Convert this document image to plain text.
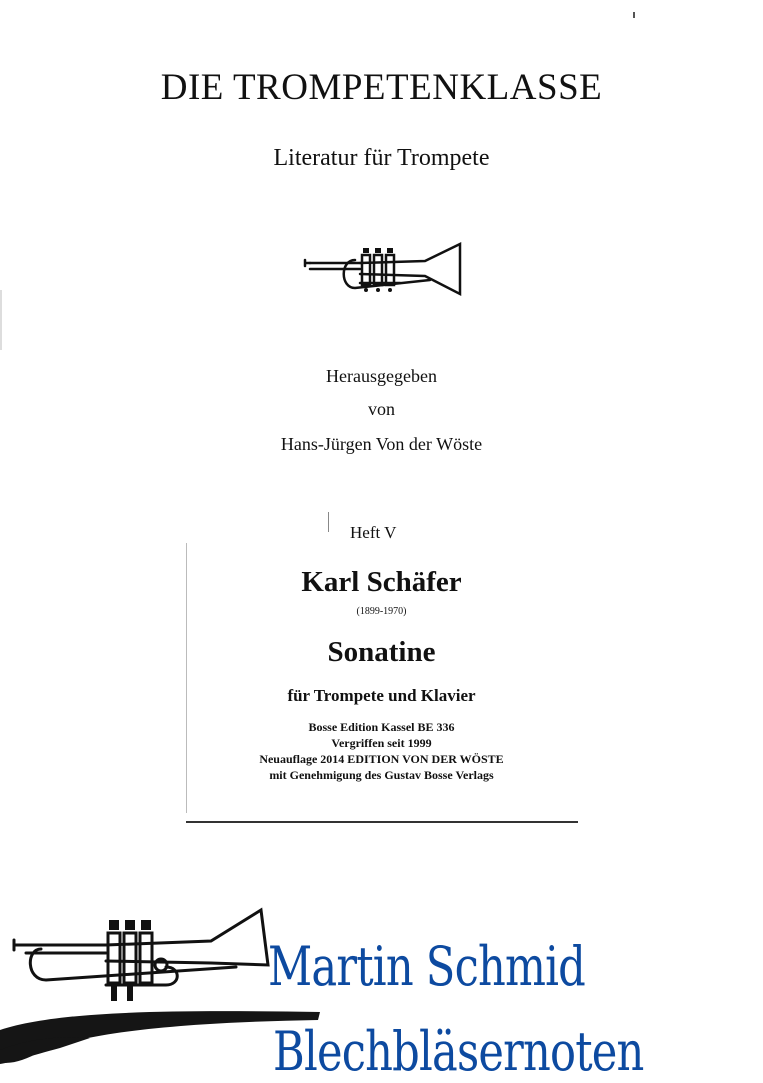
DIE TROMPETENKLASSE
Literatur für Trompete
Herausgegeben
von
Hans-Jürgen Von der Wöste
Heft V
Karl Schäfer
(1899-1970)
Sonatine
für Trompete und Klavier
Bosse Edition Kassel BE 336
Vergriffen seit 1999
Neuauflage 2014 EDITION VON DER WÖSTE
mit Genehmigung des Gustav Bosse Verlags
Martin Schmid
Blechbläsernoten
